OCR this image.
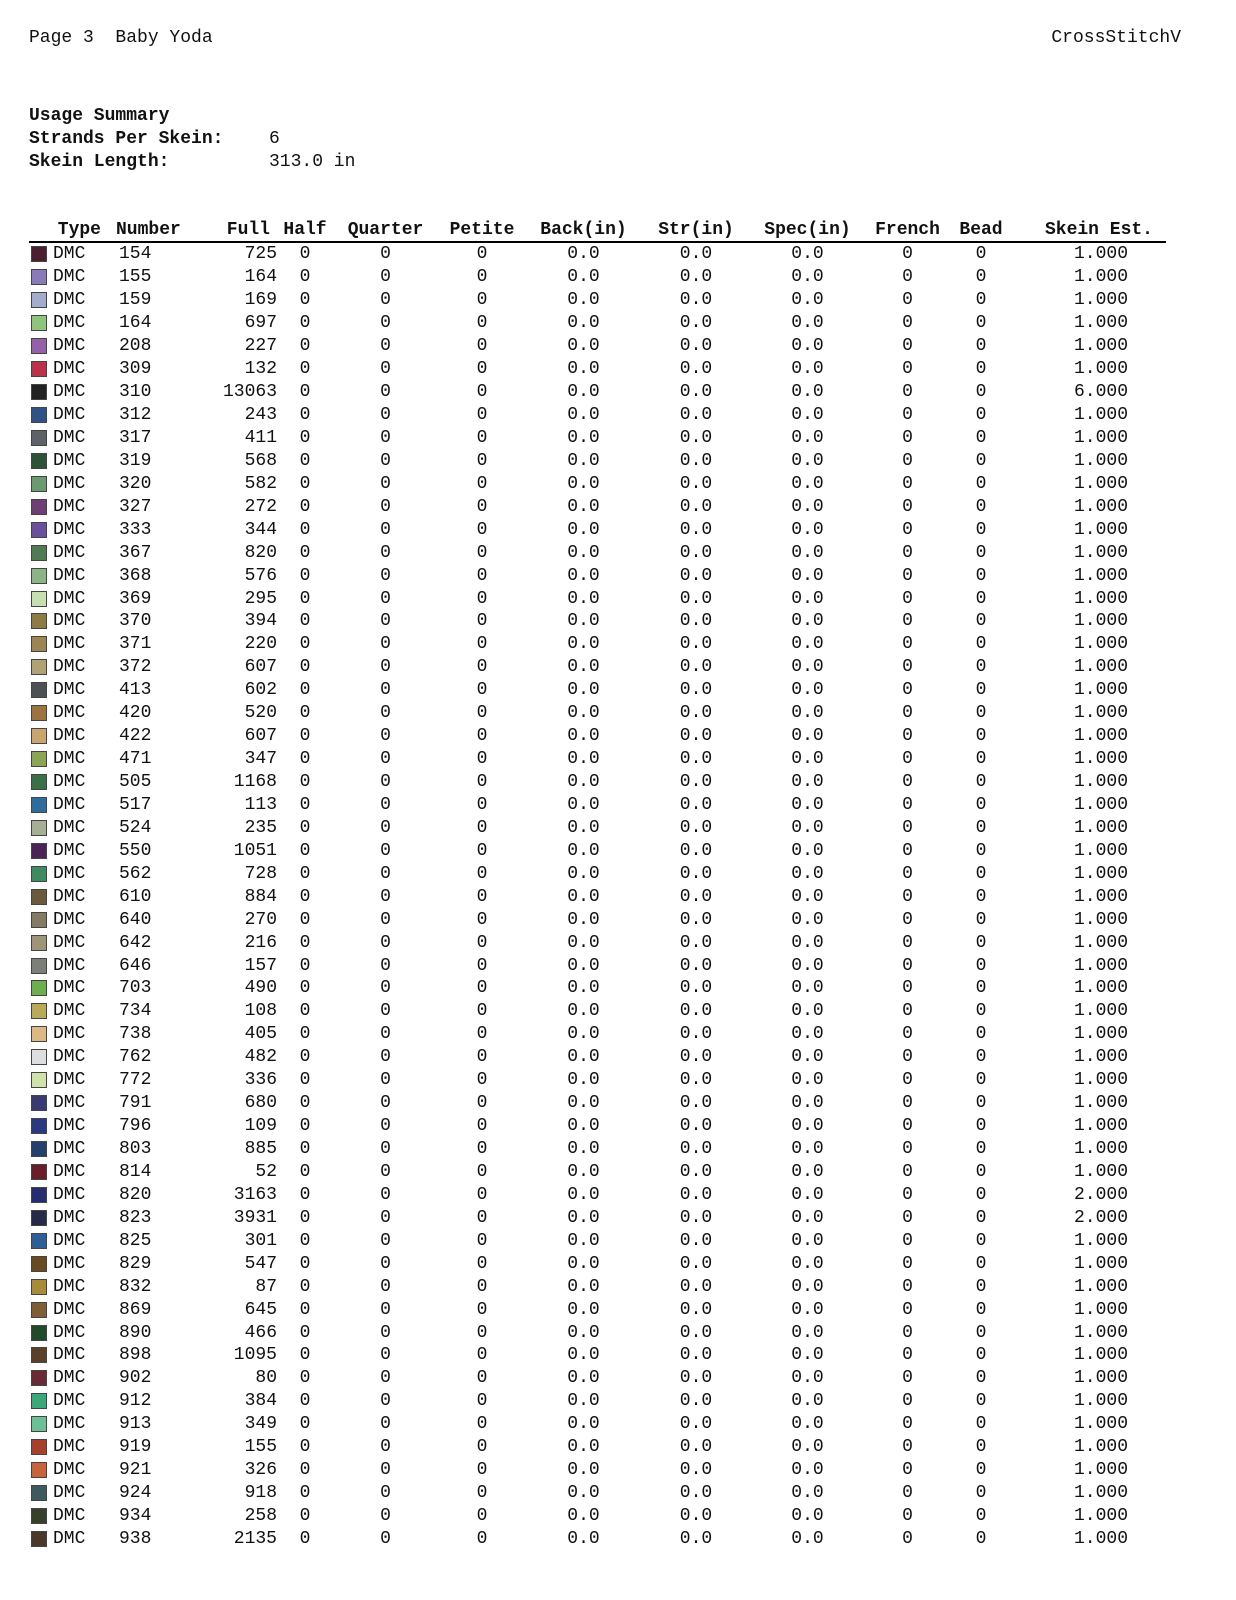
Page 3 Baby Yoda	CrossStitchV
Usage Summary
Strands Per Skein:	6
Skein Length:	313.0 in
Type Number	Full Half	Quarter	Petite	Back(in)	Str(in)	Spec(in)	French	Bead	Skein Est.
DMC 154	725	0	0	0	0.0	0.0	0.0	0	0	1.000
DMC 155	164	0	0	0	0.0	0.0	0.0	0	0	1.000
DMC 159	169	0	0	0	0.0	0.0	0.0	0	0	1.000
DMC 164	697	0	0	0	0.0	0.0	0.0	0	0	1.000
DMC 208	227	0	0	0	0.0	0.0	0.0	0	0	1.000
DMC 309	132	0	0	0	0.0	0.0	0.0	0	0	1.000
DMC 310	13063	0	0	0	0.0	0.0	0.0	0	0	6.000
DMC 312	243	0	0	0	0.0	0.0	0.0	0	0	1.000
DMC 317	411	0	0	0	0.0	0.0	0.0	0	0	1.000
DMC 319	568	0	0	0	0.0	0.0	0.0	0	0	1.000
DMC 320	582	0	0	0	0.0	0.0	0.0	0	0	1.000
DMC 327	272	0	0	0	0.0	0.0	0.0	0	0	1.000
DMC 333	344	0	0	0	0.0	0.0	0.0	0	0	1.000
DMC 367	820	0	0	0	0.0	0.0	0.0	0	0	1.000
DMC 368	576	0	0	0	0.0	0.0	0.0	0	0	1.000
DMC 369	295	0	0	0	0.0	0.0	0.0	0	0	1.000
DMC 370	394	0	0	0	0.0	0.0	0.0	0	0	1.000
DMC 371	220	0	0	0	0.0	0.0	0.0	0	0	1.000
DMC 372	607	0	0	0	0.0	0.0	0.0	0	0	1.000
DMC 413	602	0	0	0	0.0	0.0	0.0	0	0	1.000
DMC 420	520	0	0	0	0.0	0.0	0.0	0	0	1.000
DMC 422	607	0	0	0	0.0	0.0	0.0	0	0	1.000
DMC 471	347	0	0	0	0.0	0.0	0.0	0	0	1.000
DMC 505	1168	0	0	0	0.0	0.0	0.0	0	0	1.000
DMC 517	113	0	0	0	0.0	0.0	0.0	0	0	1.000
DMC 524	235	0	0	0	0.0	0.0	0.0	0	0	1.000
DMC 550	1051	0	0	0	0.0	0.0	0.0	0	0	1.000
DMC 562	728	0	0	0	0.0	0.0	0.0	0	0	1.000
DMC 610	884	0	0	0	0.0	0.0	0.0	0	0	1.000
DMC 640	270	0	0	0	0.0	0.0	0.0	0	0	1.000
DMC 642	216	0	0	0	0.0	0.0	0.0	0	0	1.000
DMC 646	157	0	0	0	0.0	0.0	0.0	0	0	1.000
DMC 703	490	0	0	0	0.0	0.0	0.0	0	0	1.000
DMC 734	108	0	0	0	0.0	0.0	0.0	0	0	1.000
DMC 738	405	0	0	0	0.0	0.0	0.0	0	0	1.000
DMC 762	482	0	0	0	0.0	0.0	0.0	0	0	1.000
DMC 772	336	0	0	0	0.0	0.0	0.0	0	0	1.000
DMC 791	680	0	0	0	0.0	0.0	0.0	0	0	1.000
DMC 796	109	0	0	0	0.0	0.0	0.0	0	0	1.000
DMC 803	885	0	0	0	0.0	0.0	0.0	0	0	1.000
DMC 814	52	0	0	0	0.0	0.0	0.0	0	0	1.000
DMC 820	3163	0	0	0	0.0	0.0	0.0	0	0	2.000
DMC 823	3931	0	0	0	0.0	0.0	0.0	0	0	2.000
DMC 825	301	0	0	0	0.0	0.0	0.0	0	0	1.000
DMC 829	547	0	0	0	0.0	0.0	0.0	0	0	1.000
DMC 832	87	0	0	0	0.0	0.0	0.0	0	0	1.000
DMC 869	645	0	0	0	0.0	0.0	0.0	0	0	1.000
DMC 890	466	0	0	0	0.0	0.0	0.0	0	0	1.000
DMC 898	1095	0	0	0	0.0	0.0	0.0	0	0	1.000
DMC 902	80	0	0	0	0.0	0.0	0.0	0	0	1.000
DMC 912	384	0	0	0	0.0	0.0	0.0	0	0	1.000
DMC 913	349	0	0	0	0.0	0.0	0.0	0	0	1.000
DMC 919	155	0	0	0	0.0	0.0	0.0	0	0	1.000
DMC 921	326	0	0	0	0.0	0.0	0.0	0	0	1.000
DMC 924	918	0	0	0	0.0	0.0	0.0	0	0	1.000
DMC 934	258	0	0	0	0.0	0.0	0.0	0	0	1.000
DMC 938	2135	0	0	0	0.0	0.0	0.0	0	0	1.000
